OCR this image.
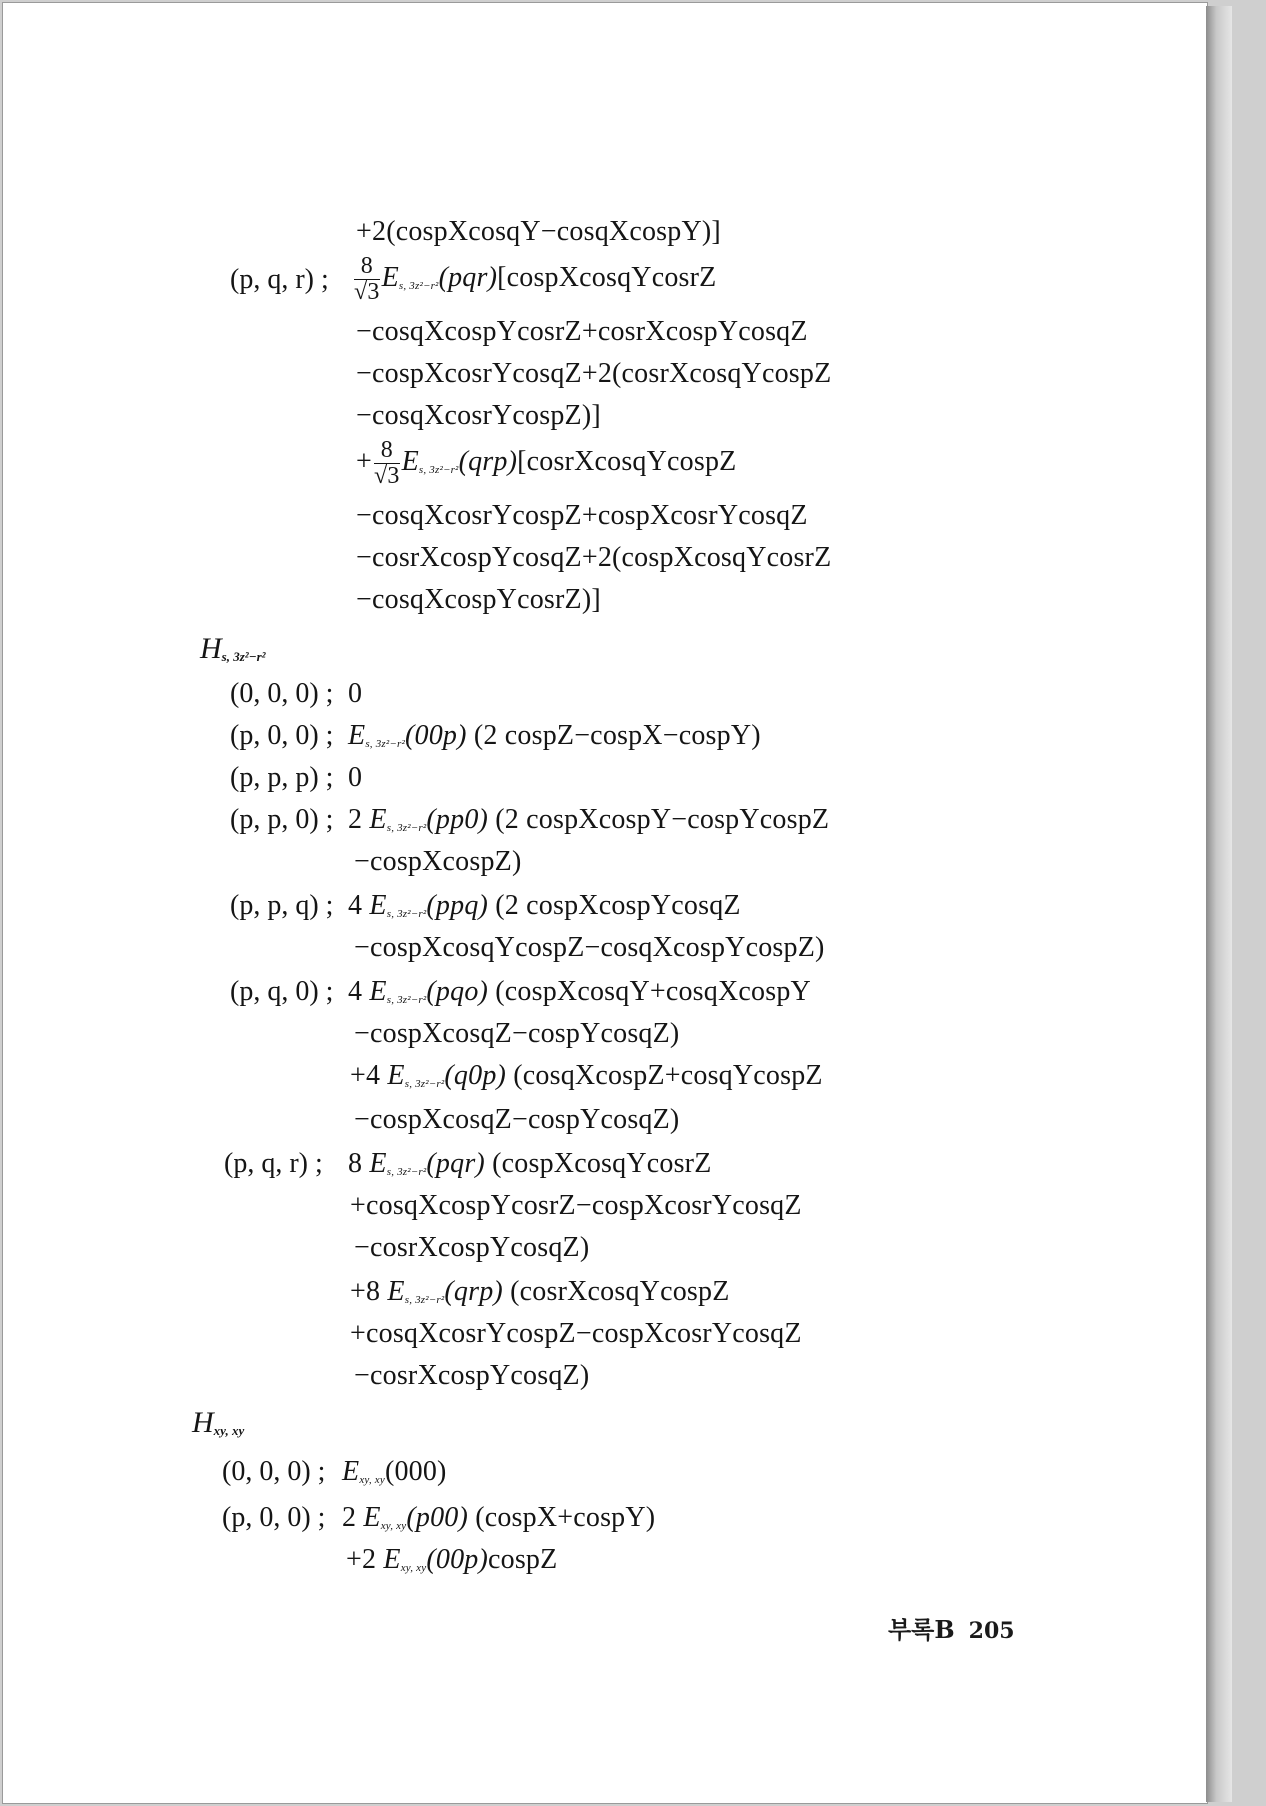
+2(cospXcosqY−cosqXcospY)]
(p, q, r) ; $\frac{8}{√3}$ $E_{s, 3z^2-r^2}(pqr)[cospXcosqYcosrZ$
−cosqXcospYcosrZ+cosrXcospYcosqZ
−cospXcosrYcosqZ+2(cosrXcosqYcospZ
−cosqXcosrYcospZ)]
+ $\frac{8}{√3}$ $E_{s, 3z^2-r^2}(qrp)[cosrXcosqYcospZ$
−cosqXcosrYcospZ+cospXcosrYcosqZ
−cosrXcospYcosqZ+2(cospXcosqYcosrZ
−cosqXcospYcosrZ)]
$H_{s, 3z^2-r^2}$
(0, 0, 0) ; 0
(p, 0, 0) ; $E_{s, 3z^2-r^2}(00p)$ (2 cospZ−cospX−cospY)
(p, p, p) ; 0
(p, p, 0) ; 2 $E_{s, 3z^2-r^2}(pp0)$ (2 cospXcospY−cospYcospZ
−cospXcospZ)
(p, p, q) ; 4 $E_{s, 3z^2-r^2}(ppq)$ (2 cospXcospYcosqZ
−cospXcosqYcospZ−cosqXcospYcospZ)
(p, q, 0) ; 4 $E_{s, 3z^2-r^2}(pqo)$ (cospXcosqY+cosqXcospY
−cospXcosqZ−cospYcosqZ)
+4 $E_{s, 3z^2-r^2}(q0p)$ (cosqXcospZ+cosqYcospZ
−cospXcosqZ−cospYcosqZ)
(p, q, r) ; 8 $E_{s, 3z^2-r^2}(pqr)$ (cospXcosqYcosrZ
+cosqXcospYcosrZ−cospXcosrYcosqZ
−cosrXcospYcosqZ)
+8 $E_{s, 3z^2-r^2}(qrp)$ (cosrXcosqYcospZ
+cosqXcosrYcospZ−cospXcosrYcosqZ
−cosrXcospYcosqZ)
$H_{xy, xy}$
(0, 0, 0) ; $E_{xy, xy}(000)$
(p, 0, 0) ; 2 $E_{xy, xy}(p00)$ (cospX+cospY)
+2 $E_{xy, xy}(00p)cospZ$
부록B 205
